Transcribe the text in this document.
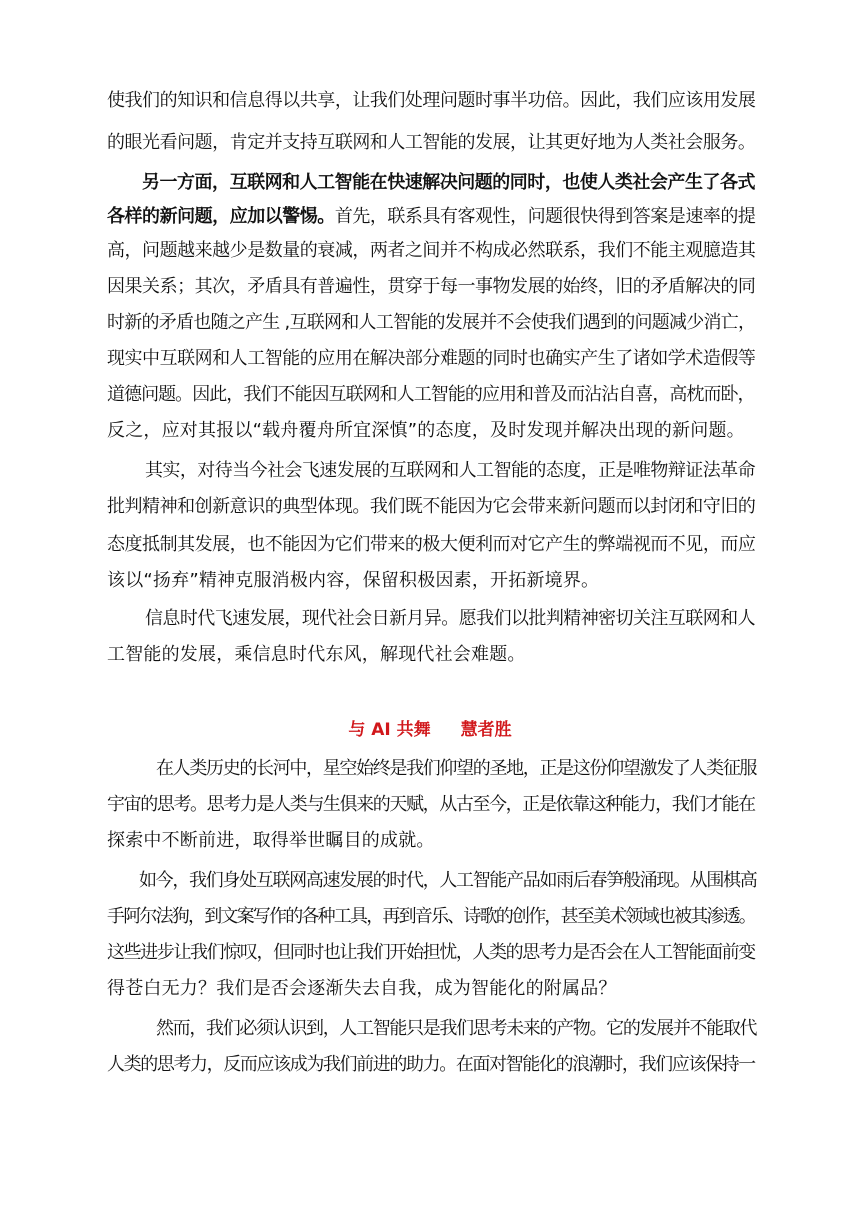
使我们的知识和信息得以共享，让我们处理问题时事半功倍。因此，我们应该用发展
的眼光看问题，肯定并支持互联网和人工智能的发展，让其更好地为人类社会服务。
另一方面，互联网和人工智能在快速解决问题的同时，也使人类社会产生了各式
各样的新问题，应加以警惕。首先，联系具有客观性，问题很快得到答案是速率的提
高，问题越来越少是数量的衰减，两者之间并不构成必然联系，我们不能主观臆造其
因果关系；其次，矛盾具有普遍性，贯穿于每一事物发展的始终，旧的矛盾解决的同
时新的矛盾也随之产生 ,互联网和人工智能的发展并不会使我们遇到的问题减少消亡，
现实中互联网和人工智能的应用在解决部分难题的同时也确实产生了诸如学术造假等
道德问题。因此，我们不能因互联网和人工智能的应用和普及而沾沾自喜，高枕而卧，
反之，应对其报以“载舟覆舟所宜深慎”的态度，及时发现并解决出现的新问题。
其实，对待当今社会飞速发展的互联网和人工智能的态度，正是唯物辩证法革命
批判精神和创新意识的典型体现。我们既不能因为它会带来新问题而以封闭和守旧的
态度抵制其发展，也不能因为它们带来的极大便利而对它产生的弊端视而不见，而应
该以“扬弃”精神克服消极内容，保留积极因素，开拓新境界。
信息时代飞速发展，现代社会日新月异。愿我们以批判精神密切关注互联网和人
工智能的发展，乘信息时代东风，解现代社会难题。
与 AI 共舞 慧者胜
在人类历史的长河中，星空始终是我们仰望的圣地，正是这份仰望激发了人类征服
宇宙的思考。思考力是人类与生俱来的天赋，从古至今，正是依靠这种能力，我们才能在
探索中不断前进，取得举世瞩目的成就。
如今，我们身处互联网高速发展的时代，人工智能产品如雨后春笋般涌现。从围棋高
手阿尔法狗，到文案写作的各种工具，再到音乐、诗歌的创作，甚至美术领域也被其渗透。
这些进步让我们惊叹，但同时也让我们开始担忧，人类的思考力是否会在人工智能面前变
得苍白无力？我们是否会逐渐失去自我，成为智能化的附属品？
然而，我们必须认识到，人工智能只是我们思考未来的产物。它的发展并不能取代
人类的思考力，反而应该成为我们前进的助力。在面对智能化的浪潮时，我们应该保持一
